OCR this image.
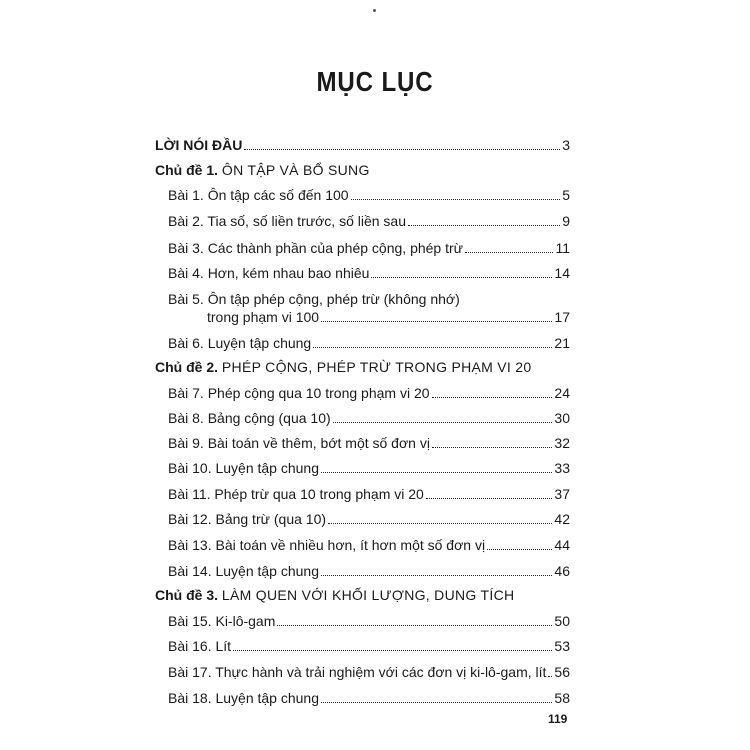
MỤC LỤC
LỜI NÓI ĐẦU	3
Chủ đề 1. ÔN TẬP VÀ BỔ SUNG
Bài 1. Ôn tập các số đến 100	5
Bài 2. Tia số, số liền trước, số liền sau	9
Bài 3. Các thành phần của phép cộng, phép trừ	11
Bài 4. Hơn, kém nhau bao nhiêu	14
Bài 5. Ôn tập phép cộng, phép trừ (không nhớ)
trong phạm vi 100	17
Bài 6. Luyện tập chung	21
Chủ đề 2. PHÉP CỘNG, PHÉP TRỪ TRONG PHẠM VI 20
Bài 7. Phép cộng qua 10 trong phạm vi 20	24
Bài 8. Bảng cộng (qua 10)	30
Bài 9. Bài toán về thêm, bớt một số đơn vị	32
Bài 10. Luyện tập chung	33
Bài 11. Phép trừ qua 10 trong phạm vi 20	37
Bài 12. Bảng trừ (qua 10)	42
Bài 13. Bài toán về nhiều hơn, ít hơn một số đơn vị	44
Bài 14. Luyện tập chung	46
Chủ đề 3. LÀM QUEN VỚI KHỐI LƯỢNG, DUNG TÍCH
Bài 15. Ki-lô-gam	50
Bài 16. Lít	53
Bài 17. Thực hành và trải nghiệm với các đơn vị ki-lô-gam, lít 56
Bài 18. Luyện tập chung	58
119
